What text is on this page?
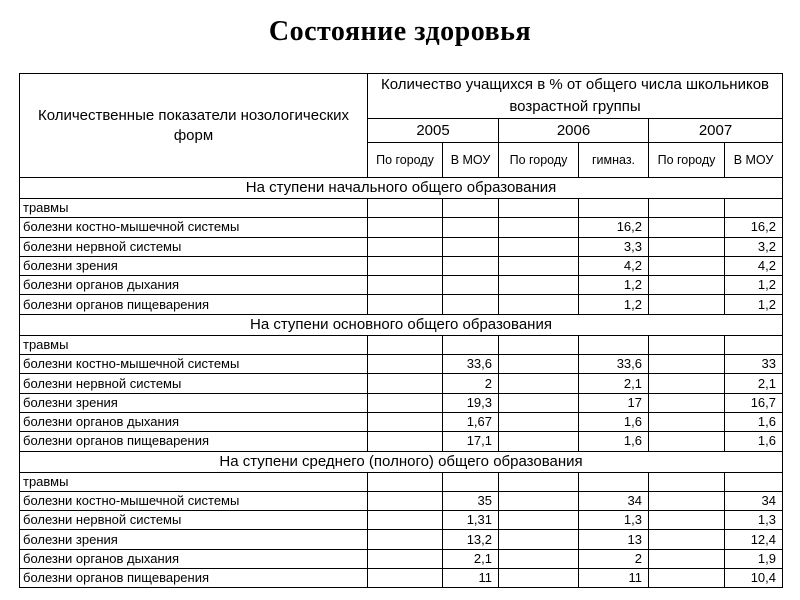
Состояние здоровья
Количественные показатели нозологических форм	Количество учащихся в % от общего числа школьников возрастной группы					
	2005		2006		2007	
	По городу	В МОУ	По городу	гимназ.	По городу	В МОУ
На ступени начального общего образования						
травмы						
болезни костно-мышечной системы				16,2		16,2
болезни нервной системы				3,3		3,2
болезни зрения				4,2		4,2
болезни органов дыхания				1,2		1,2
болезни органов пищеварения				1,2		1,2
На ступени основного общего образования						
травмы						
болезни костно-мышечной системы		33,6		33,6		33
болезни нервной системы		2		2,1		2,1
болезни зрения		19,3		17		16,7
болезни органов дыхания		1,67		1,6		1,6
болезни органов пищеварения		17,1		1,6		1,6
На ступени среднего (полного) общего образования						
травмы						
болезни костно-мышечной системы		35		34		34
болезни нервной системы		1,31		1,3		1,3
болезни зрения		13,2		13		12,4
болезни органов дыхания		2,1		2		1,9
болезни органов пищеварения		11		11		10,4
